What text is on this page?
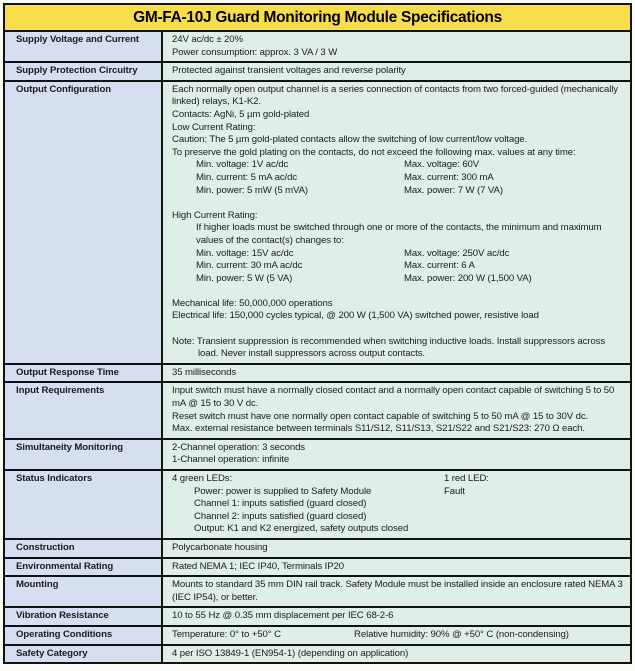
GM-FA-10J Guard Monitoring Module Specifications
Supply Voltage and Current	24V ac/dc ± 20%
Power consumption: approx. 3 VA / 3 W
Supply Protection Circuitry	Protected against transient voltages and reverse polarity
Output Configuration	Each normally open output channel is a series connection of contacts from two forced-guided (mechanically linked) relays, K1-K2.
Contacts: AgNi, 5 µm gold-plated
Low Current Rating:
Caution: The 5 µm gold-plated contacts allow the switching of low current/low voltage.
To preserve the gold plating on the contacts, do not exceed the following max. values at any time:
Min. voltage: 1V ac/dc	Max. voltage: 60V
Min. current: 5 mA ac/dc	Max. current: 300 mA
Min. power: 5 mW (5 mVA)	Max. power: 7 W (7 VA)
High Current Rating:
If higher loads must be switched through one or more of the contacts, the minimum and maximum values of the contact(s) changes to:
Min. voltage: 15V ac/dc	Max. voltage: 250V ac/dc
Min. current: 30 mA ac/dc	Max. current: 6 A
Min. power: 5 W (5 VA)	Max. power: 200 W (1,500 VA)
Mechanical life: 50,000,000 operations
Electrical life: 150,000 cycles typical, @ 200 W (1,500 VA) switched power, resistive load
Note: Transient suppression is recommended when switching inductive loads. Install suppressors across load. Never install suppressors across output contacts.
Output Response Time	35 milliseconds
Input Requirements	Input switch must have a normally closed contact and a normally open contact capable of switching 5 to 50 mA @ 15 to 30 V dc.
Reset switch must have one normally open contact capable of switching 5 to 50 mA @ 15 to 30V dc.
Max. external resistance between terminals S11/S12, S11/S13, S21/S22 and S21/S23: 270 Ω each.
Simultaneity Monitoring	2-Channel operation: 3 seconds
1-Channel operation: infinite
Status Indicators	4 green LEDs:
Power: power is supplied to Safety Module
Channel 1: inputs satisfied (guard closed)
Channel 2: inputs satisfied (guard closed)
Output: K1 and K2 energized, safety outputs closed
1 red LED:
Fault
Construction	Polycarbonate housing
Environmental Rating	Rated NEMA 1; IEC IP40, Terminals IP20
Mounting	Mounts to standard 35 mm DIN rail track. Safety Module must be installed inside an enclosure rated NEMA 3 (IEC IP54), or better.
Vibration Resistance	10 to 55 Hz @ 0.35 mm displacement per IEC 68-2-6
Operating Conditions	Temperature: 0° to +50° C	Relative humidity: 90% @ +50° C (non-condensing)
Safety Category	4 per ISO 13849-1 (EN954-1) (depending on application)
